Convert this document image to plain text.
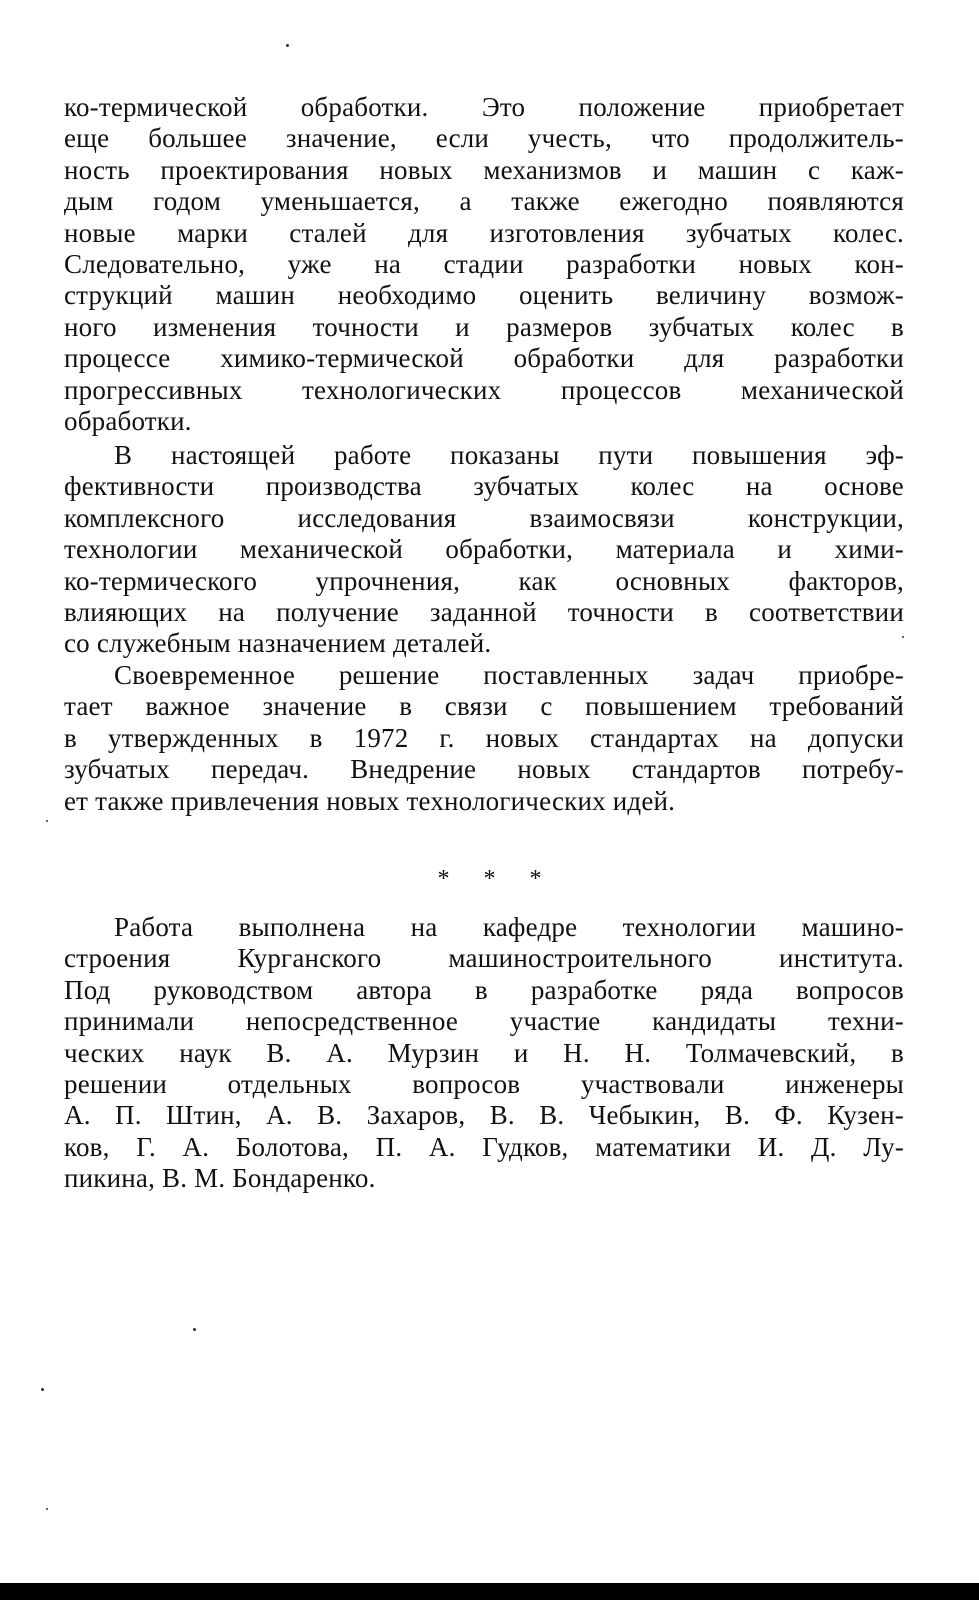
ко-термической обработки. Это положение приобретает
еще большее значение, если учесть, что продолжитель-
ность проектирования новых механизмов и машин с каж-
дым годом уменьшается, а также ежегодно появляются
новые марки сталей для изготовления зубчатых колес.
Следовательно, уже на стадии разработки новых кон-
струкций машин необходимо оценить величину возмож-
ного изменения точности и размеров зубчатых колес в
процессе химико-термической обработки для разработки
прогрессивных технологических процессов механической
обработки.
В настоящей работе показаны пути повышения эф-
фективности производства зубчатых колес на основе
комплексного исследования взаимосвязи конструкции,
технологии механической обработки, материала и хими-
ко-термического упрочнения, как основных факторов,
влияющих на получение заданной точности в соответствии
со служебным назначением деталей.
Своевременное решение поставленных задач приобре-
тает важное значение в связи с повышением требований
в утвержденных в 1972 г. новых стандартах на допуски
зубчатых передач. Внедрение новых стандартов потребу-
ет также привлечения новых технологических идей.
* * *
Работа выполнена на кафедре технологии машино-
строения Курганского машиностроительного института.
Под руководством автора в разработке ряда вопросов
принимали непосредственное участие кандидаты техни-
ческих наук В. А. Мурзин и Н. Н. Толмачевский, в
решении отдельных вопросов участвовали инженеры
А. П. Штин, А. В. Захаров, В. В. Чебыкин, В. Ф. Кузен-
ков, Г. А. Болотова, П. А. Гудков, математики И. Д. Лу-
пикина, В. М. Бондаренко.
